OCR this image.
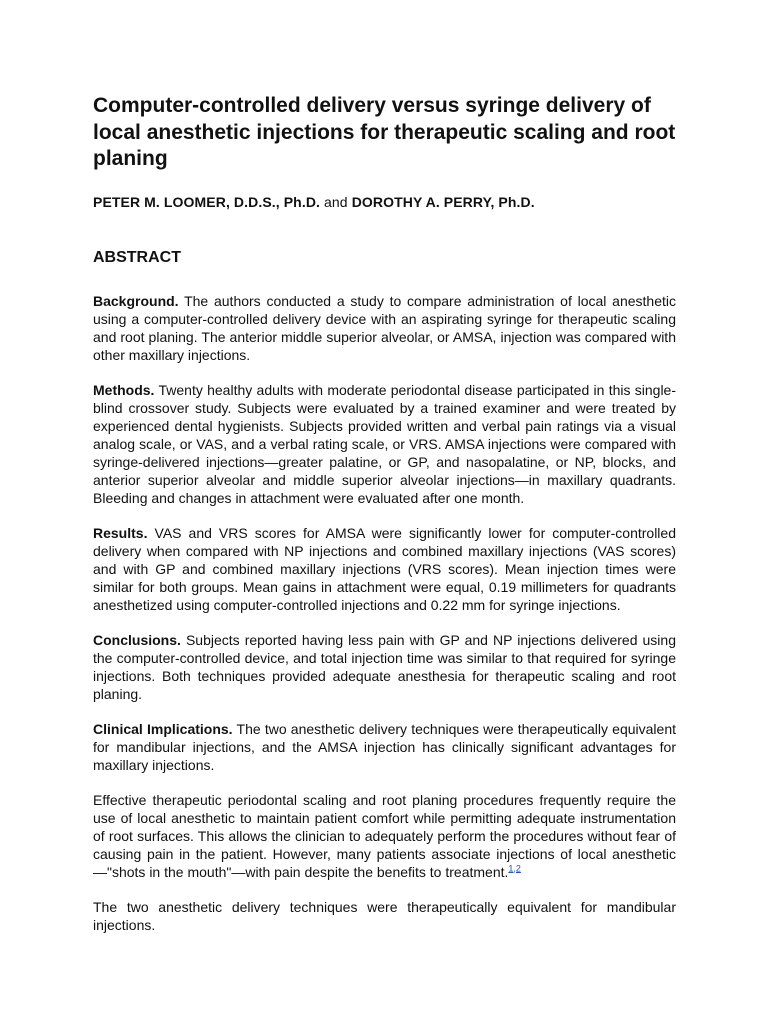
Computer-controlled delivery versus syringe delivery of local anesthetic injections for therapeutic scaling and root planing
PETER M. LOOMER, D.D.S., Ph.D. and DOROTHY A. PERRY, Ph.D.
ABSTRACT

Background. The authors conducted a study to compare administration of local anesthetic using a computer-controlled delivery device with an aspirating syringe for therapeutic scaling and root planing. The anterior middle superior alveolar, or AMSA, injection was compared with other maxillary injections.

Methods. Twenty healthy adults with moderate periodontal disease participated in this single-blind crossover study. Subjects were evaluated by a trained examiner and were treated by experienced dental hygienists. Subjects provided written and verbal pain ratings via a visual analog scale, or VAS, and a verbal rating scale, or VRS. AMSA injections were compared with syringe-delivered injections—greater palatine, or GP, and nasopalatine, or NP, blocks, and anterior superior alveolar and middle superior alveolar injections—in maxillary quadrants. Bleeding and changes in attachment were evaluated after one month.

Results. VAS and VRS scores for AMSA were significantly lower for computer-controlled delivery when compared with NP injections and combined maxillary injections (VAS scores) and with GP and combined maxillary injections (VRS scores). Mean injection times were similar for both groups. Mean gains in attachment were equal, 0.19 millimeters for quadrants anesthetized using computer-controlled injections and 0.22 mm for syringe injections.

Conclusions. Subjects reported having less pain with GP and NP injections delivered using the computer-controlled device, and total injection time was similar to that required for syringe injections. Both techniques provided adequate anesthesia for therapeutic scaling and root planing.

Clinical Implications. The two anesthetic delivery techniques were therapeutically equivalent for mandibular injections, and the AMSA injection has clinically significant advantages for maxillary injections.

Effective therapeutic periodontal scaling and root planing procedures frequently require the use of local anesthetic to maintain patient comfort while permitting adequate instrumentation of root surfaces. This allows the clinician to adequately perform the procedures without fear of causing pain in the patient. However, many patients associate injections of local anesthetic —"shots in the mouth"—with pain despite the benefits to treatment.$^{1,2}$

The two anesthetic delivery techniques were therapeutically equivalent for mandibular injections.
